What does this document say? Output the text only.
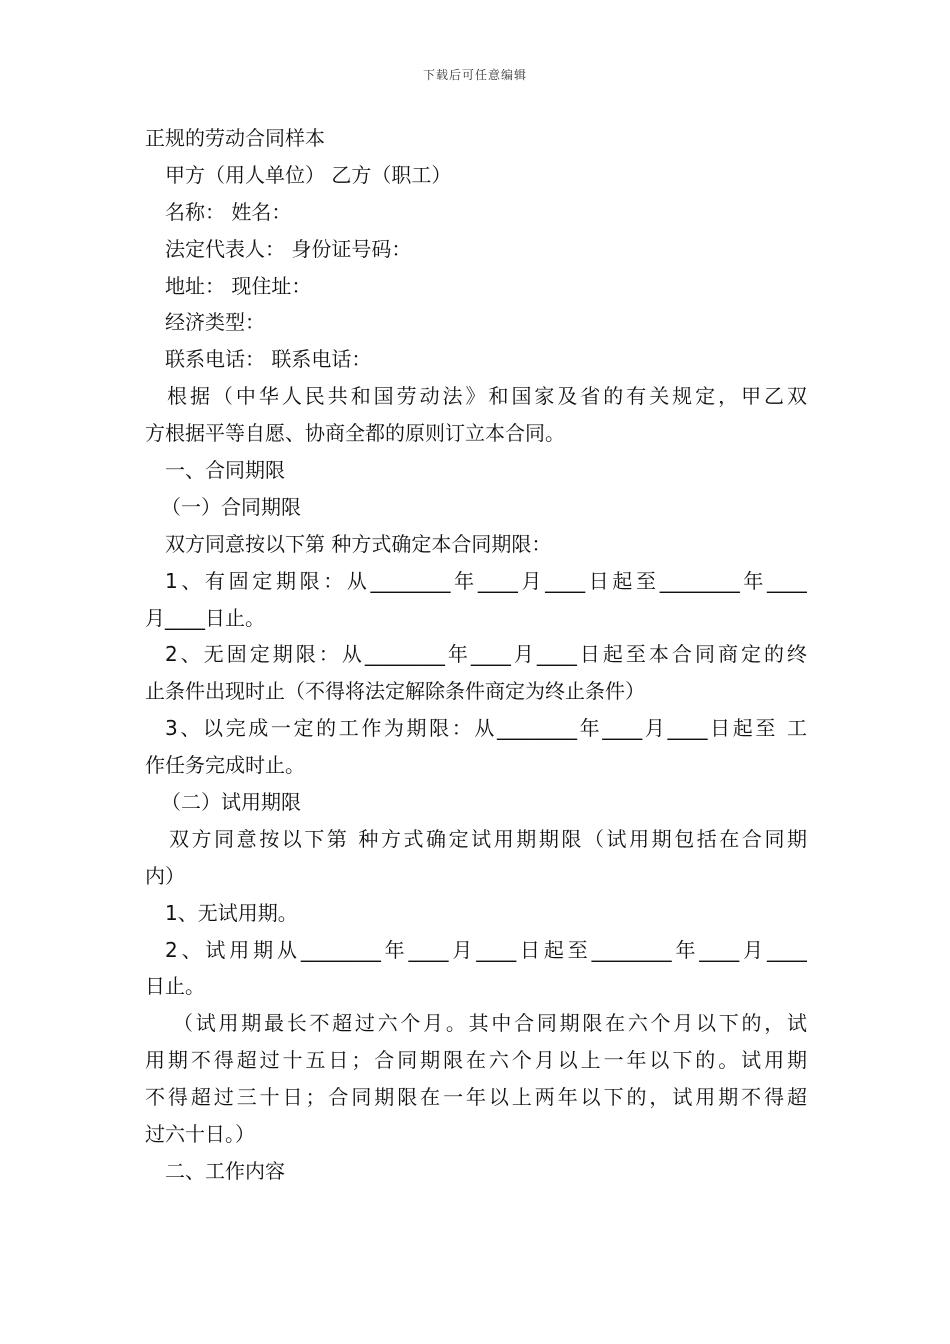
下载后可任意编辑
正规的劳动合同样本
甲方（用人单位） 乙方（职工）
名称： 姓名：
法定代表人： 身份证号码：
地址： 现住址：
经济类型：
联系电话： 联系电话：
根据（中华人民共和国劳动法》和国家及省的有关规定，甲乙双
方根据平等自愿、协商全都的原则订立本合同。
一、合同期限
（一）合同期限
双方同意按以下第 种方式确定本合同期限：
1、有固定期限：从________年____月____日起至________年____
月____日止。
2、无固定期限：从________年____月____日起至本合同商定的终
止条件出现时止（不得将法定解除条件商定为终止条件）
3、以完成一定的工作为期限：从________年____月____日起至 工
作任务完成时止。
（二）试用期限
双方同意按以下第 种方式确定试用期期限（试用期包括在合同期
内）
1、无试用期。
2、试用期从________年____月____日起至________年____月____
日止。
（试用期最长不超过六个月。其中合同期限在六个月以下的，试
用期不得超过十五日；合同期限在六个月以上一年以下的。试用期
不得超过三十日；合同期限在一年以上两年以下的，试用期不得超
过六十日。）
二、工作内容
